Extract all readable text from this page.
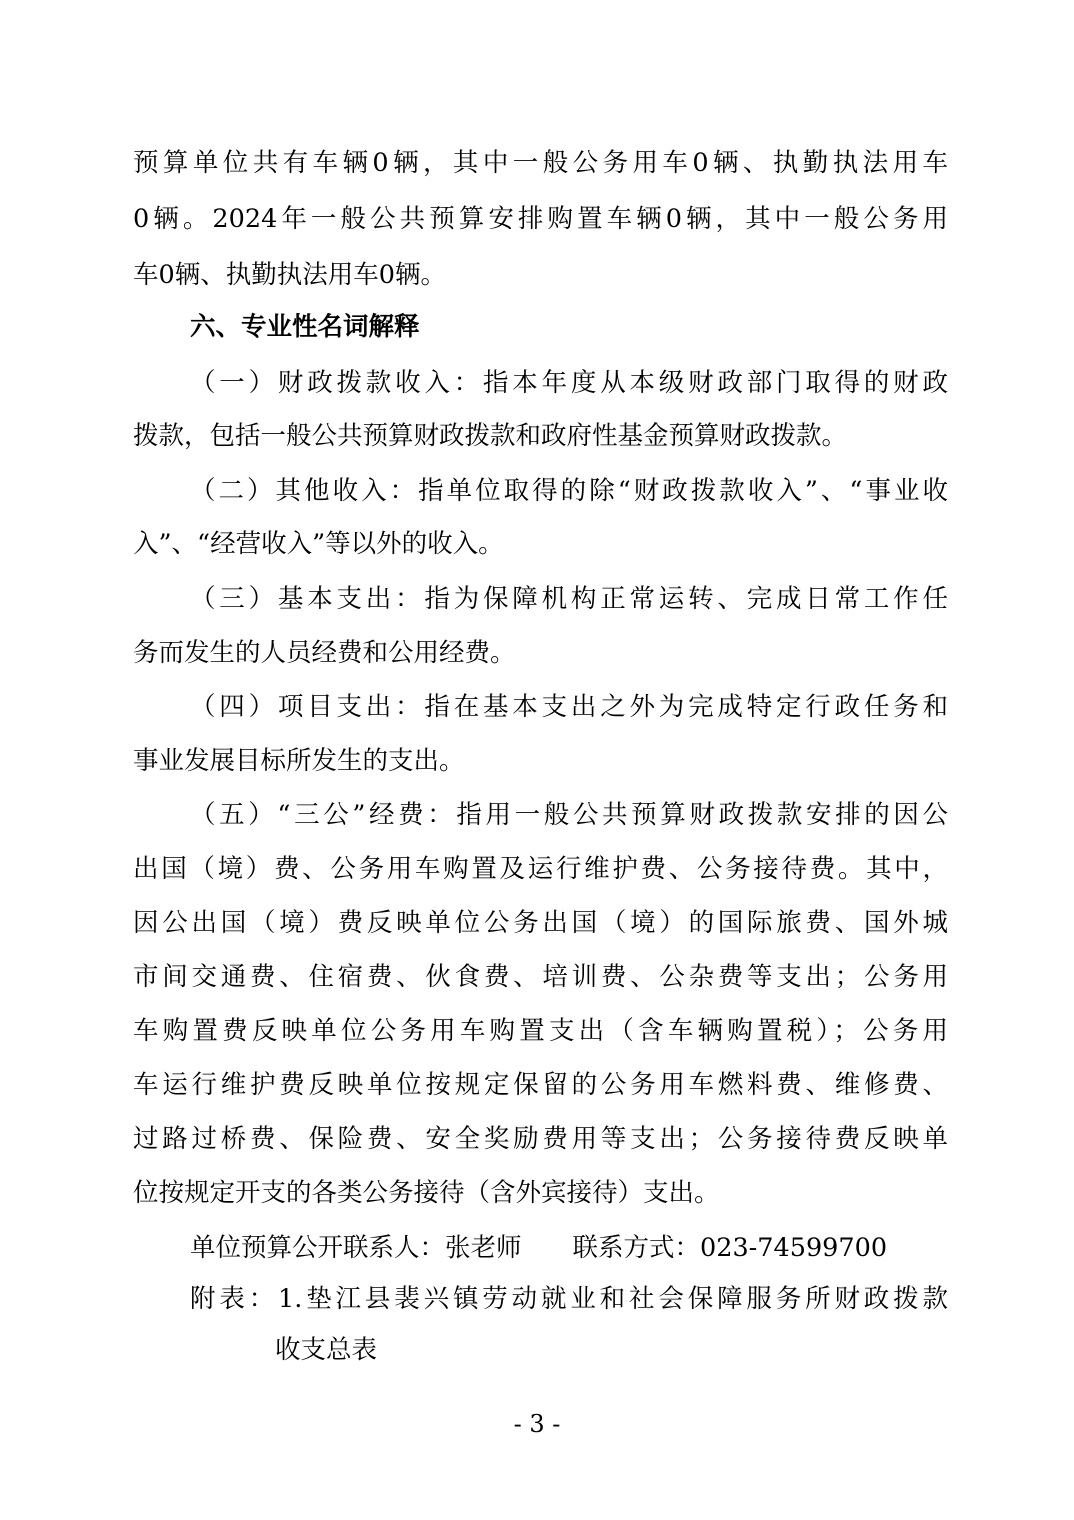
预算单位共有车辆0辆，其中一般公务用车0辆、执勤执法用车
0辆。2024年一般公共预算安排购置车辆0辆，其中一般公务用
车0辆、执勤执法用车0辆。
六、专业性名词解释
（一）财政拨款收入：指本年度从本级财政部门取得的财政
拨款，包括一般公共预算财政拨款和政府性基金预算财政拨款。
（二）其他收入：指单位取得的除“财政拨款收入”、“事业收
入”、“经营收入”等以外的收入。
（三）基本支出：指为保障机构正常运转、完成日常工作任
务而发生的人员经费和公用经费。
（四）项目支出：指在基本支出之外为完成特定行政任务和
事业发展目标所发生的支出。
（五）“三公”经费：指用一般公共预算财政拨款安排的因公
出国（境）费、公务用车购置及运行维护费、公务接待费。其中，
因公出国（境）费反映单位公务出国（境）的国际旅费、国外城
市间交通费、住宿费、伙食费、培训费、公杂费等支出；公务用
车购置费反映单位公务用车购置支出（含车辆购置税）；公务用
车运行维护费反映单位按规定保留的公务用车燃料费、维修费、
过路过桥费、保险费、安全奖励费用等支出；公务接待费反映单
位按规定开支的各类公务接待（含外宾接待）支出。
单位预算公开联系人：张老师　　联系方式：023-74599700
附表：1.垫江县裴兴镇劳动就业和社会保障服务所财政拨款
收支总表
- 3 -
